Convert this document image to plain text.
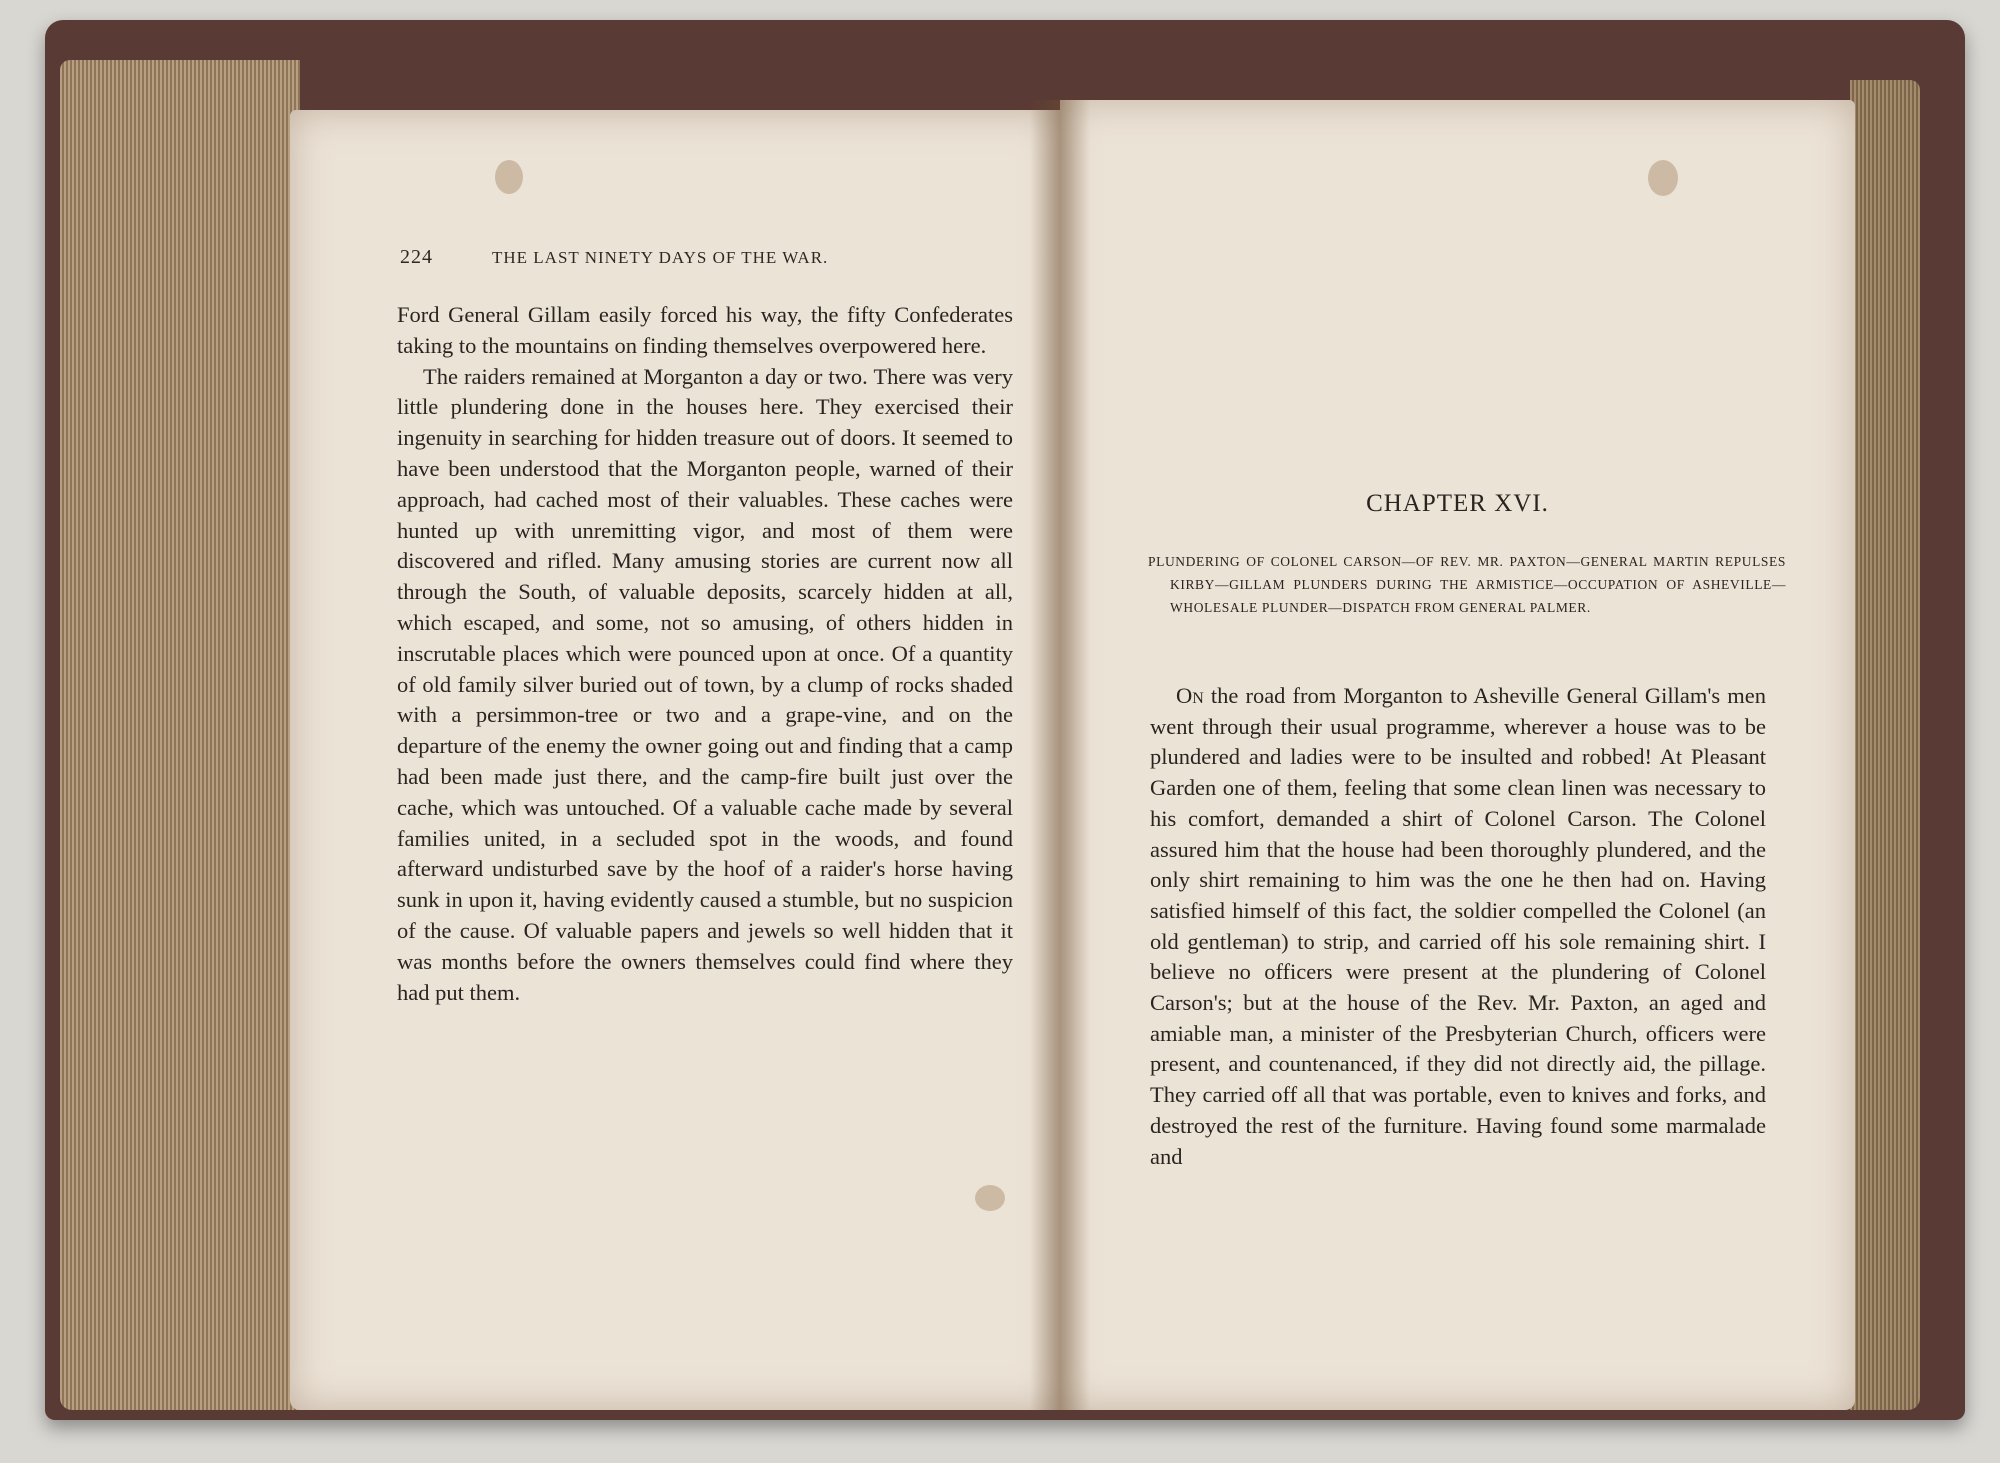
224	THE LAST NINETY DAYS OF THE WAR.

Ford General Gillam easily forced his way, the fifty Confederates taking to the mountains on finding themselves overpowered here.

The raiders remained at Morganton a day or two. There was very little plundering done in the houses here. They exercised their ingenuity in searching for hidden treasure out of doors. It seemed to have been understood that the Morganton people, warned of their approach, had cached most of their valuables. These caches were hunted up with unremitting vigor, and most of them were discovered and rifled. Many amusing stories are current now all through the South, of valuable deposits, scarcely hidden at all, which escaped, and some, not so amusing, of others hidden in inscrutable places which were pounced upon at once. Of a quantity of old family silver buried out of town, by a clump of rocks shaded with a persimmon-tree or two and a grape-vine, and on the departure of the enemy the owner going out and finding that a camp had been made just there, and the camp-fire built just over the cache, which was untouched. Of a valuable cache made by several families united, in a secluded spot in the woods, and found afterward undisturbed save by the hoof of a raider's horse having sunk in upon it, having evidently caused a stumble, but no suspicion of the cause. Of valuable papers and jewels so well hidden that it was months before the owners themselves could find where they had put them.

CHAPTER XVI.
PLUNDERING OF COLONEL CARSON—OF REV. MR. PAXTON—GENERAL MARTIN REPULSES KIRBY—GILLAM PLUNDERS DURING THE ARMISTICE—OCCUPATION OF ASHEVILLE—WHOLESALE PLUNDER—DISPATCH FROM GENERAL PALMER.
On the road from Morganton to Asheville General Gillam's men went through their usual programme, wherever a house was to be plundered and ladies were to be insulted and robbed! At Pleasant Garden one of them, feeling that some clean linen was necessary to his comfort, demanded a shirt of Colonel Carson. The Colonel assured him that the house had been thoroughly plundered, and the only shirt remaining to him was the one he then had on. Having satisfied himself of this fact, the soldier compelled the Colonel (an old gentleman) to strip, and carried off his sole remaining shirt. I believe no officers were present at the plundering of Colonel Carson's; but at the house of the Rev. Mr. Paxton, an aged and amiable man, a minister of the Presbyterian Church, officers were present, and countenanced, if they did not directly aid, the pillage. They carried off all that was portable, even to knives and forks, and destroyed the rest of the furniture. Having found some marmalade and
